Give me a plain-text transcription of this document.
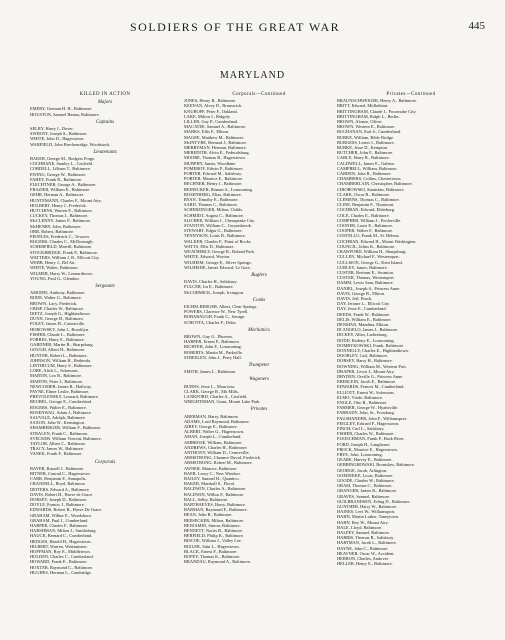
SOLDIERS OF THE GREAT WAR	445
MARYLAND
KILLED IN ACTION
Majors
EMERY, German H. H., Baltimore.
HOUSTON, Samuel Hanna, Baltimore.
Captains
SELBY, Harry J., Dover.
SWEENY, Joseph S., Baltimore.
WHITE, John D., Hagerstown.
WARFIELD, John Breckenridge, Woodstock.
Lieutenants
BAKER, George M., Rodgers Forge.
COCHRANE, Stanley L., Crisfield.
CORDELL, Lilburn T., Baltimore.
EWING, George W., Baltimore.
FAHEY, Frank R., Baltimore.
FLECHTNER, George A., Baltimore.
FRAZIER, William E., Baltimore.
GEHR, Herman A., Baltimore.
HUNTEMANN, Charles F., Mount Airy.
HOLBERT, Henry J., Frederick.
HUTCHINS, Warren E., Baltimore.
LUCKEY, Thomas J., Baltimore.
McCLENNY, James F., Baltimore.
McHENRY, John, Baltimore.
ORR, Robert, Baltimore.
PEOPLES, Frederick C., Towson.
ROGERS, Charles C., McDonough.
SCHERFIELD, Morrill, Baltimore.
STOCKBRIDGE, Frank P., Baltimore.
WATTERS, William J. B., Ellicott City.
WEBB, Henry J., Bel Air.
WHITE, Walter, Baltimore.
WILMER, Harry W., Leonardtown.
YOUNG, Paul G., Glendon.
Sergeants
AMODEI, Anthony, Baltimore.
BODE, Walter G., Baltimore.
BROWN, Lacy, Frederick.
CRISP, Charles W., Baltimore.
DIETZ, Joseph G., Highlandtown.
DUNN, George H., Baltimore.
FOLEY, James H., Catonsville.
HOROWSKY, John J., Brooklyn.
FISHER, Claude L., Baltimore.
FORBES, Harry E., Baltimore.
GARDNER, Martin B., Sharpsburg.
GOUGH, Albert H., Baltimore.
HUNTER, Robert L., Baltimore.
JOHNSON, William H., Bethesda.
LINTHICUM, Harry S., Baltimore.
LORE, Alick L., Solomons.
MARTIN, Leo R., Baltimore.
MARTIN, Peter J., Baltimore.
NEWCOMER, James R., Halfway.
PAYNE, Elmer Leslie, Baltimore.
PREVOLENSKY, Leonard, Baltimore.
REUBEL, George E., Cumberland.
ROGERS, Walter E., Baltimore.
ROSENWAG, Adam J., Baltimore.
SAUVALE, Adolph, Baltimore.
SAXON, John W., Kensington.
SHAMBERGER, William F., Baltimore.
STRALEN, Frank C., Baltimore.
SVECKER, William Vincent, Baltimore.
TAYLOR, Albert C., Baltimore.
TRACY, James W., Baltimore.
VANEK, Frank F., Baltimore.
Corporals
BAYER, Russell J., Baltimore.
BITNER, Conrad C., Hagerstown.
CARR, Benjamin F., Annapolis.
CRANDELL, Boyd, Baltimore.
DEITERS, Edward A., Baltimore.
DAVIS, Robert H., Havre de Grace.
DORSEY, Joseph D., Baltimore.
DOYLE, Francis J., Baltimore.
EDWARDS, Robert B., Havre De Grace.
GRAHAM, Wilbur E., Woodsboro.
GRAHAM, Paul J., Cumberland.
HARPER, Charles F., Baltimore.
HARSHMAN, Milton J., Smithsburg.
HAUCK, Bernard C., Cumberland.
HEDGES, Harold H., Hagerstown.
HILBERT, Warren, Westminster.
HOFFMAN, Roy E., Middletown.
HOLDEN, Charles C., Cumberland.
HOWARD, Frank E., Baltimore.
HOXTER, Raymond C., Baltimore.
HUGHES, Herman L., Cambridge.
Corporals—Continued
JONES, Henry R., Baltimore.
KEENAN, Alvey D., Brunswick.
KNUBOFF, Peter F., Oakland.
LAKE, Milton J., Ridgely.
LILLER, Guy P., Cumberland.
MACATEE, Samuel A., Baltimore.
MARKS, Ellis F., Elkton.
MAGEE, Matthew M., Baltimore.
McINTYRE, Bernard J., Baltimore.
MERRYMAN, Herman, Baltimore.
MEREDITH, Alvin E., Federalsburg.
MOORE, Thomas R., Hagerstown.
MURPHY, James, Woodbine.
POMEROY, Edwin P., Baltimore.
PORTER, Edward M., Salisbury.
PORTER, Maurice E., Baltimore.
RECHNER, Henry J., Baltimore.
REINECKER, Roman A., Lonaconing.
ROSENBERG, Elias, Baltimore.
RYAN, Timothy E., Baltimore.
SARD, Thomas C., Baltimore.
SCHERZINGER, Milton, Childs.
SCHMIDT, August C., Baltimore.
SLICHER, William J., Chesapeake City.
STANTON, William C., Gwynnbrook.
STEWART, Edgar G., Baltimore.
TENNYSON, Louis B., Baltimore.
WALKER, Charles F., Point of Rocks.
WATTS, Ellis D., Baltimore.
WEATHERLY, George R., Roland Park.
WHITE, Edward, Worton.
WILHEIM, George E., Silver Springs.
WILHEIDE, James Edward, Le Gore.
Buglers
DAVIS, Charles H., Salisbury.
FULCER, Ira E., Baltimore.
McCORMICK, Joseph, Irvington.
Cooks
EICHELBERGER, Albert, Clear Springs.
POWERS, Clarence W., New Tyrell.
ROBABAUGH, Frank C., Savage.
SCHOTTA, Charles F., Delta.
Mechanics
BROWN, Guy G., Phoenix.
HARPER, Ernest F., Baltimore.
RICHTER, John F., Lonaconing.
ROBERTS, Martin M., Parkville.
STREELEN, John J., Perry Hall.
Trumpeter
SMITH, James L., Baltimore.
Wagoners
BURNS, Jesse L., Monrovia.
CLARK, George R., Elk Mills.
LANKFORD, Charles A., Crisfield.
WRIGHTSMAN, Grant, Mount Lake Park.
Privates
ABERMAN, Harry, Baltimore.
ADAMS, Lord Raymond, Baltimore.
AIREY, George E., Baltimore.
ALBERT, Walter G., Hagerstown.
AMAN, Joseph L., Cumberland.
AMBROSE, William, Baltimore.
ANDREWS, Charles H., Baltimore.
ANTHONY, William D., Centreville.
ARMSTRONG, Chaunce David, Frederick.
ARMSTRONG, Robert M., Baltimore.
AWNER, Maurice, Baltimore.
BAER, Leroy C., New Windsor.
BAILEY, Samuel H., Quantico.
BAKER, Marshall S., Flood.
BALDWIN, Charles A., Baltimore.
BALDWIN, Wilbur F., Baltimore.
BALL, Selby, Baltimore.
BARTHAEVES, Harry, Baltimore.
BARMAN, Raymond F., Baltimore.
BEAN, John B., Baltimore.
BEESECKER, Milton, Baltimore.
BENJAMIN, Simon, Baltimore.
BENNETT, Norris R., Baltimore.
BERFIELD, Philip K., Baltimore.
BISCOE, William J., Valley Lee.
BIXLER, John L., Hagerstown.
BLACK, Ernest F., Baltimore.
BOPEY, Thomas K., Baltimore.
BRANDAU, Raymond A., Baltimore.
Privates—Continued
BRAUNSCHWEIGER, Henry A., Baltimore.
BRITT, Edward, Midlothian.
BRITTINGHAM, Claude J., Pocomoke City.
BRITTINGHAM, Ralph L., Berlin.
BROWN, Alonzo, Olivet.
BROWN, Western E., Baltimore.
BUCHANAN, Earl S., Cumberland.
BURKE, William, Bible Bridge.
BURGESS, Lester J., Baltimore.
BURKE, Jesse D., Kempton.
BUTCHER, John F., Baltimore.
CABLE, Harry R., Baltimore.
CALDWELL, James E., Galena.
CAMPBELL, William, Baltimore.
CARDEN, John R., Baltimore.
CHAMBERS, Collins, Chestertown.
CHAMBERLAIN, Christopher, Baltimore.
CIBOROWSKI, Stanislaw, Baltimore.
CLARK, Oscar R., Baltimore.
CLEMENS, Thomas C., Baltimore.
CLINE, Benjamin F., Thurmont.
COCHRAN, Edward, Elderburg.
COLE, Charles E., Baltimore.
COMPHER, William J., Poolesville.
COONER, Louis E., Baltimore.
COOPER, Walter F., Baltimore.
COSTELLO, Frank M., St. Helena.
COCHRAN, Edward H., Mount Washington.
COUNCIL, Julius K., Baltimore.
CRAWFORD, William H., Sharpsburg.
CULLEN, Michael F., Westernport.
CULLISON, George G., Kent Island.
CURLEY, James, Baltimore.
CUSTER, Bertram E., Swanton.
CUSTER, Thomas, Westernport.
DAMM, Lewis Sam, Baltimore.
DANIEL, Joseph S., Princess Anne.
DAVIS, George B., Elkton.
DAVIS, Jeff, Peach.
DAY, Jerome L., Ellicott City.
DAY, Jesse E., Cumberland.
DEEDS, Frank W., Baltimore.
DELIS, William E., Baltimore.
DENMAN, Mandina, Elkton.
DI ANGELO, James J., Baltimore.
DICKEY, Allen, Ladiesburg.
DODD, Rodney E., Lonaconing.
DOMBYKOWSKI, Frank, Baltimore.
DONNELLY, Charles E., Highlandtown.
DOORLEY, Carl, Baltimore.
DORSEY, Harry H., Baltimore.
DOWNING, William M., Western Port.
DRAPER, Lewis J., Mount Airy.
DRYDEN, Orville G., Princess Anne.
EBERLEIN, Jacob E., Baltimore.
EDWARDS, Francis M., Cumberland.
ELLIOTT, Ernest W., Solomons.
ELMO, Vitale, Baltimore.
ENGLE, Otto R., Baltimore.
FARMER, George W., Hyattsville.
FARRADY, John, Sr., Frostburg.
FAUSHANDER, John F., Williamsport.
FEIGLEY, Edward F., Hagerstown.
FINCH, Carl L., Salisbury.
FISHER, Charles W., Baltimore.
FLEISCHMAN, Frank P., Back River.
FORD, Joseph H., Langhorne.
FROCK, Maurice E., Hagerstown.
FRYE, John, Lonaconing.
GEARE, Harvey E., Baltimore.
GEBBINGHOWSKI, Bronislaw, Baltimore.
GEORGE, Jacob, Arlington.
GOEDEEKE, Louis, Baltimore.
GOODE, Charles W., Baltimore.
GRAM, Thomas C., Baltimore.
GRANGER, James R., Baltimore.
GRAVES, Samuel, Baltimore.
GUILBRANDSEN, Erling D., Baltimore.
GUNTHER, Harry W., Baltimore.
HAINES, Levi W., Williamsport.
HAHN, Martin Luther, Taneytown.
HAHN, Roy W., Mount Airy.
HALE, Lloyd, Baltimore.
HALPEY, Samuel, Baltimore.
HARRIS, Thomas B., Salisbury.
HARTMAN, Jacob L., Baltimore.
HAYNE, John C., Baltimore.
HEAVNER, Oscar W., Accident.
HERRON, Charles, Andover.
HELLER, Henry E., Baltimore.
